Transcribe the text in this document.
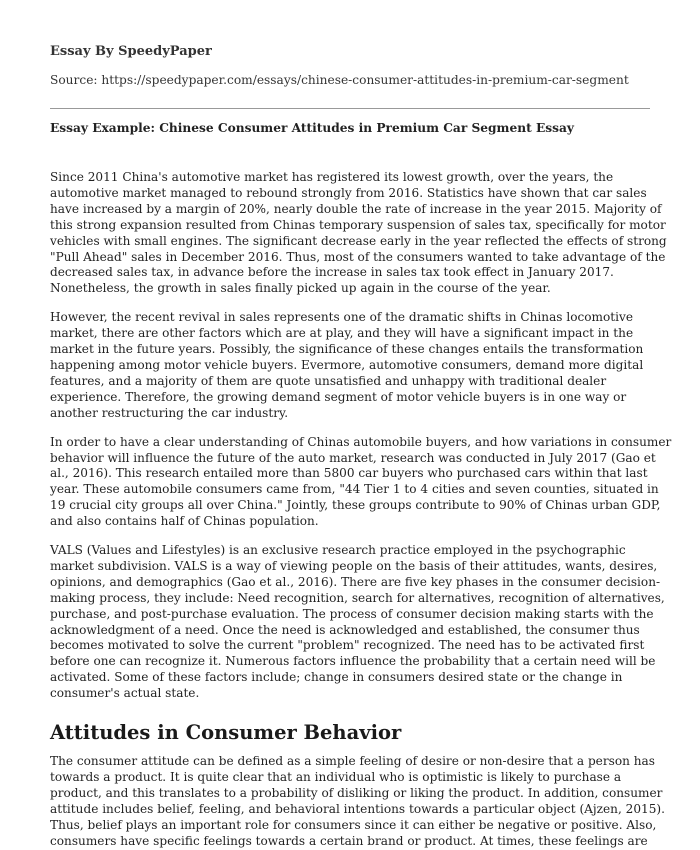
Essay By SpeedyPaper
Source: https://speedypaper.com/essays/chinese-consumer-attitudes-in-premium-car-segment
Essay Example: Chinese Consumer Attitudes in Premium Car Segment Essay

Since 2011 China's automotive market has registered its lowest growth, over the years, the
automotive market managed to rebound strongly from 2016. Statistics have shown that car sales
have increased by a margin of 20%, nearly double the rate of increase in the year 2015. Majority of
this strong expansion resulted from Chinas temporary suspension of sales tax, specifically for motor
vehicles with small engines. The significant decrease early in the year reflected the effects of strong
"Pull Ahead" sales in December 2016. Thus, most of the consumers wanted to take advantage of the
decreased sales tax, in advance before the increase in sales tax took effect in January 2017.
Nonetheless, the growth in sales finally picked up again in the course of the year.

However, the recent revival in sales represents one of the dramatic shifts in Chinas locomotive
market, there are other factors which are at play, and they will have a significant impact in the
market in the future years. Possibly, the significance of these changes entails the transformation
happening among motor vehicle buyers. Evermore, automotive consumers, demand more digital
features, and a majority of them are quote unsatisfied and unhappy with traditional dealer
experience. Therefore, the growing demand segment of motor vehicle buyers is in one way or
another restructuring the car industry.

In order to have a clear understanding of Chinas automobile buyers, and how variations in consumer
behavior will influence the future of the auto market, research was conducted in July 2017 (Gao et
al., 2016). This research entailed more than 5800 car buyers who purchased cars within that last
year. These automobile consumers came from, "44 Tier 1 to 4 cities and seven counties, situated in
19 crucial city groups all over China." Jointly, these groups contribute to 90% of Chinas urban GDP,
and also contains half of Chinas population.

VALS (Values and Lifestyles) is an exclusive research practice employed in the psychographic
market subdivision. VALS is a way of viewing people on the basis of their attitudes, wants, desires,
opinions, and demographics (Gao et al., 2016). There are five key phases in the consumer decision-
making process, they include: Need recognition, search for alternatives, recognition of alternatives,
purchase, and post-purchase evaluation. The process of consumer decision making starts with the
acknowledgment of a need. Once the need is acknowledged and established, the consumer thus
becomes motivated to solve the current "problem" recognized. The need has to be activated first
before one can recognize it. Numerous factors influence the probability that a certain need will be
activated. Some of these factors include; change in consumers desired state or the change in
consumer's actual state.

Attitudes in Consumer Behavior

The consumer attitude can be defined as a simple feeling of desire or non-desire that a person has
towards a product. It is quite clear that an individual who is optimistic is likely to purchase a
product, and this translates to a probability of disliking or liking the product. In addition, consumer
attitude includes belief, feeling, and behavioral intentions towards a particular object (Ajzen, 2015).
Thus, belief plays an important role for consumers since it can either be negative or positive. Also,
consumers have specific feelings towards a certain brand or product. At times, these feelings are
